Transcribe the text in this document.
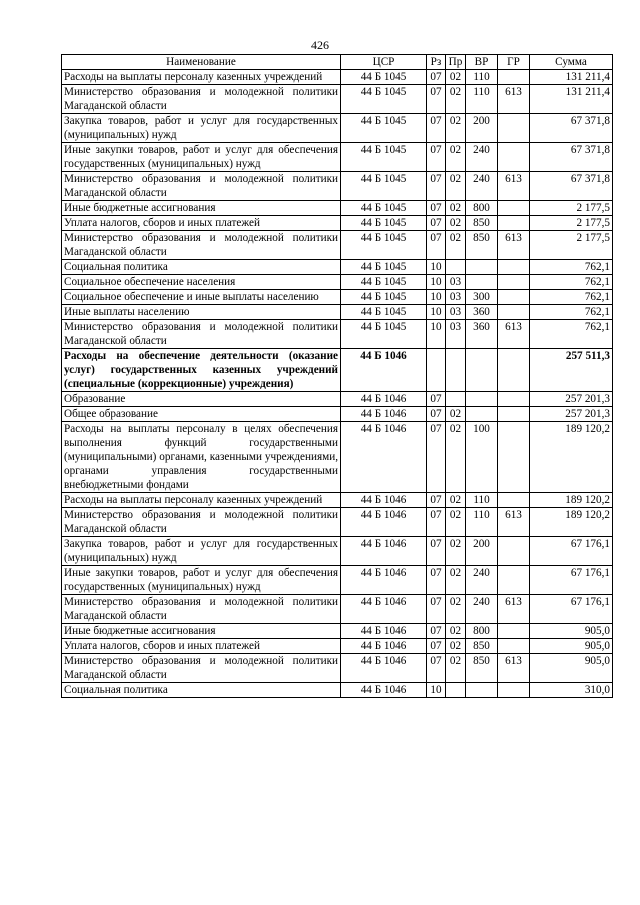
426
Наименование	ЦСР	Рз	Пр	ВР	ГР	Сумма
Расходы на выплаты персоналу казенных учреждений	44 Б 1045	07	02	110		131 211,4
Министерство образования и молодежной политики Магаданской области	44 Б 1045	07	02	110	613	131 211,4
Закупка товаров, работ и услуг для государственных (муниципальных) нужд	44 Б 1045	07	02	200		67 371,8
Иные закупки товаров, работ и услуг для обеспечения государственных (муниципальных) нужд	44 Б 1045	07	02	240		67 371,8
Министерство образования и молодежной политики Магаданской области	44 Б 1045	07	02	240	613	67 371,8
Иные бюджетные ассигнования	44 Б 1045	07	02	800		2 177,5
Уплата налогов, сборов и иных платежей	44 Б 1045	07	02	850		2 177,5
Министерство образования и молодежной политики Магаданской области	44 Б 1045	07	02	850	613	2 177,5
Социальная политика	44 Б 1045	10				762,1
Социальное обеспечение населения	44 Б 1045	10	03			762,1
Социальное обеспечение и иные выплаты населению	44 Б 1045	10	03	300		762,1
Иные выплаты населению	44 Б 1045	10	03	360		762,1
Министерство образования и молодежной политики Магаданской области	44 Б 1045	10	03	360	613	762,1
Расходы на обеспечение деятельности (оказание услуг) государственных казенных учреждений (специальные (коррекционные) учреждения)	44 Б 1046					257 511,3
Образование	44 Б 1046	07				257 201,3
Общее образование	44 Б 1046	07	02			257 201,3
Расходы на выплаты персоналу в целях обеспечения выполнения функций государственными (муниципальными) органами, казенными учреждениями, органами управления государственными внебюджетными фондами	44 Б 1046	07	02	100		189 120,2
Расходы на выплаты персоналу казенных учреждений	44 Б 1046	07	02	110		189 120,2
Министерство образования и молодежной политики Магаданской области	44 Б 1046	07	02	110	613	189 120,2
Закупка товаров, работ и услуг для государственных (муниципальных) нужд	44 Б 1046	07	02	200		67 176,1
Иные закупки товаров, работ и услуг для обеспечения государственных (муниципальных) нужд	44 Б 1046	07	02	240		67 176,1
Министерство образования и молодежной политики Магаданской области	44 Б 1046	07	02	240	613	67 176,1
Иные бюджетные ассигнования	44 Б 1046	07	02	800		905,0
Уплата налогов, сборов и иных платежей	44 Б 1046	07	02	850		905,0
Министерство образования и молодежной политики Магаданской области	44 Б 1046	07	02	850	613	905,0
Социальная политика	44 Б 1046	10				310,0
